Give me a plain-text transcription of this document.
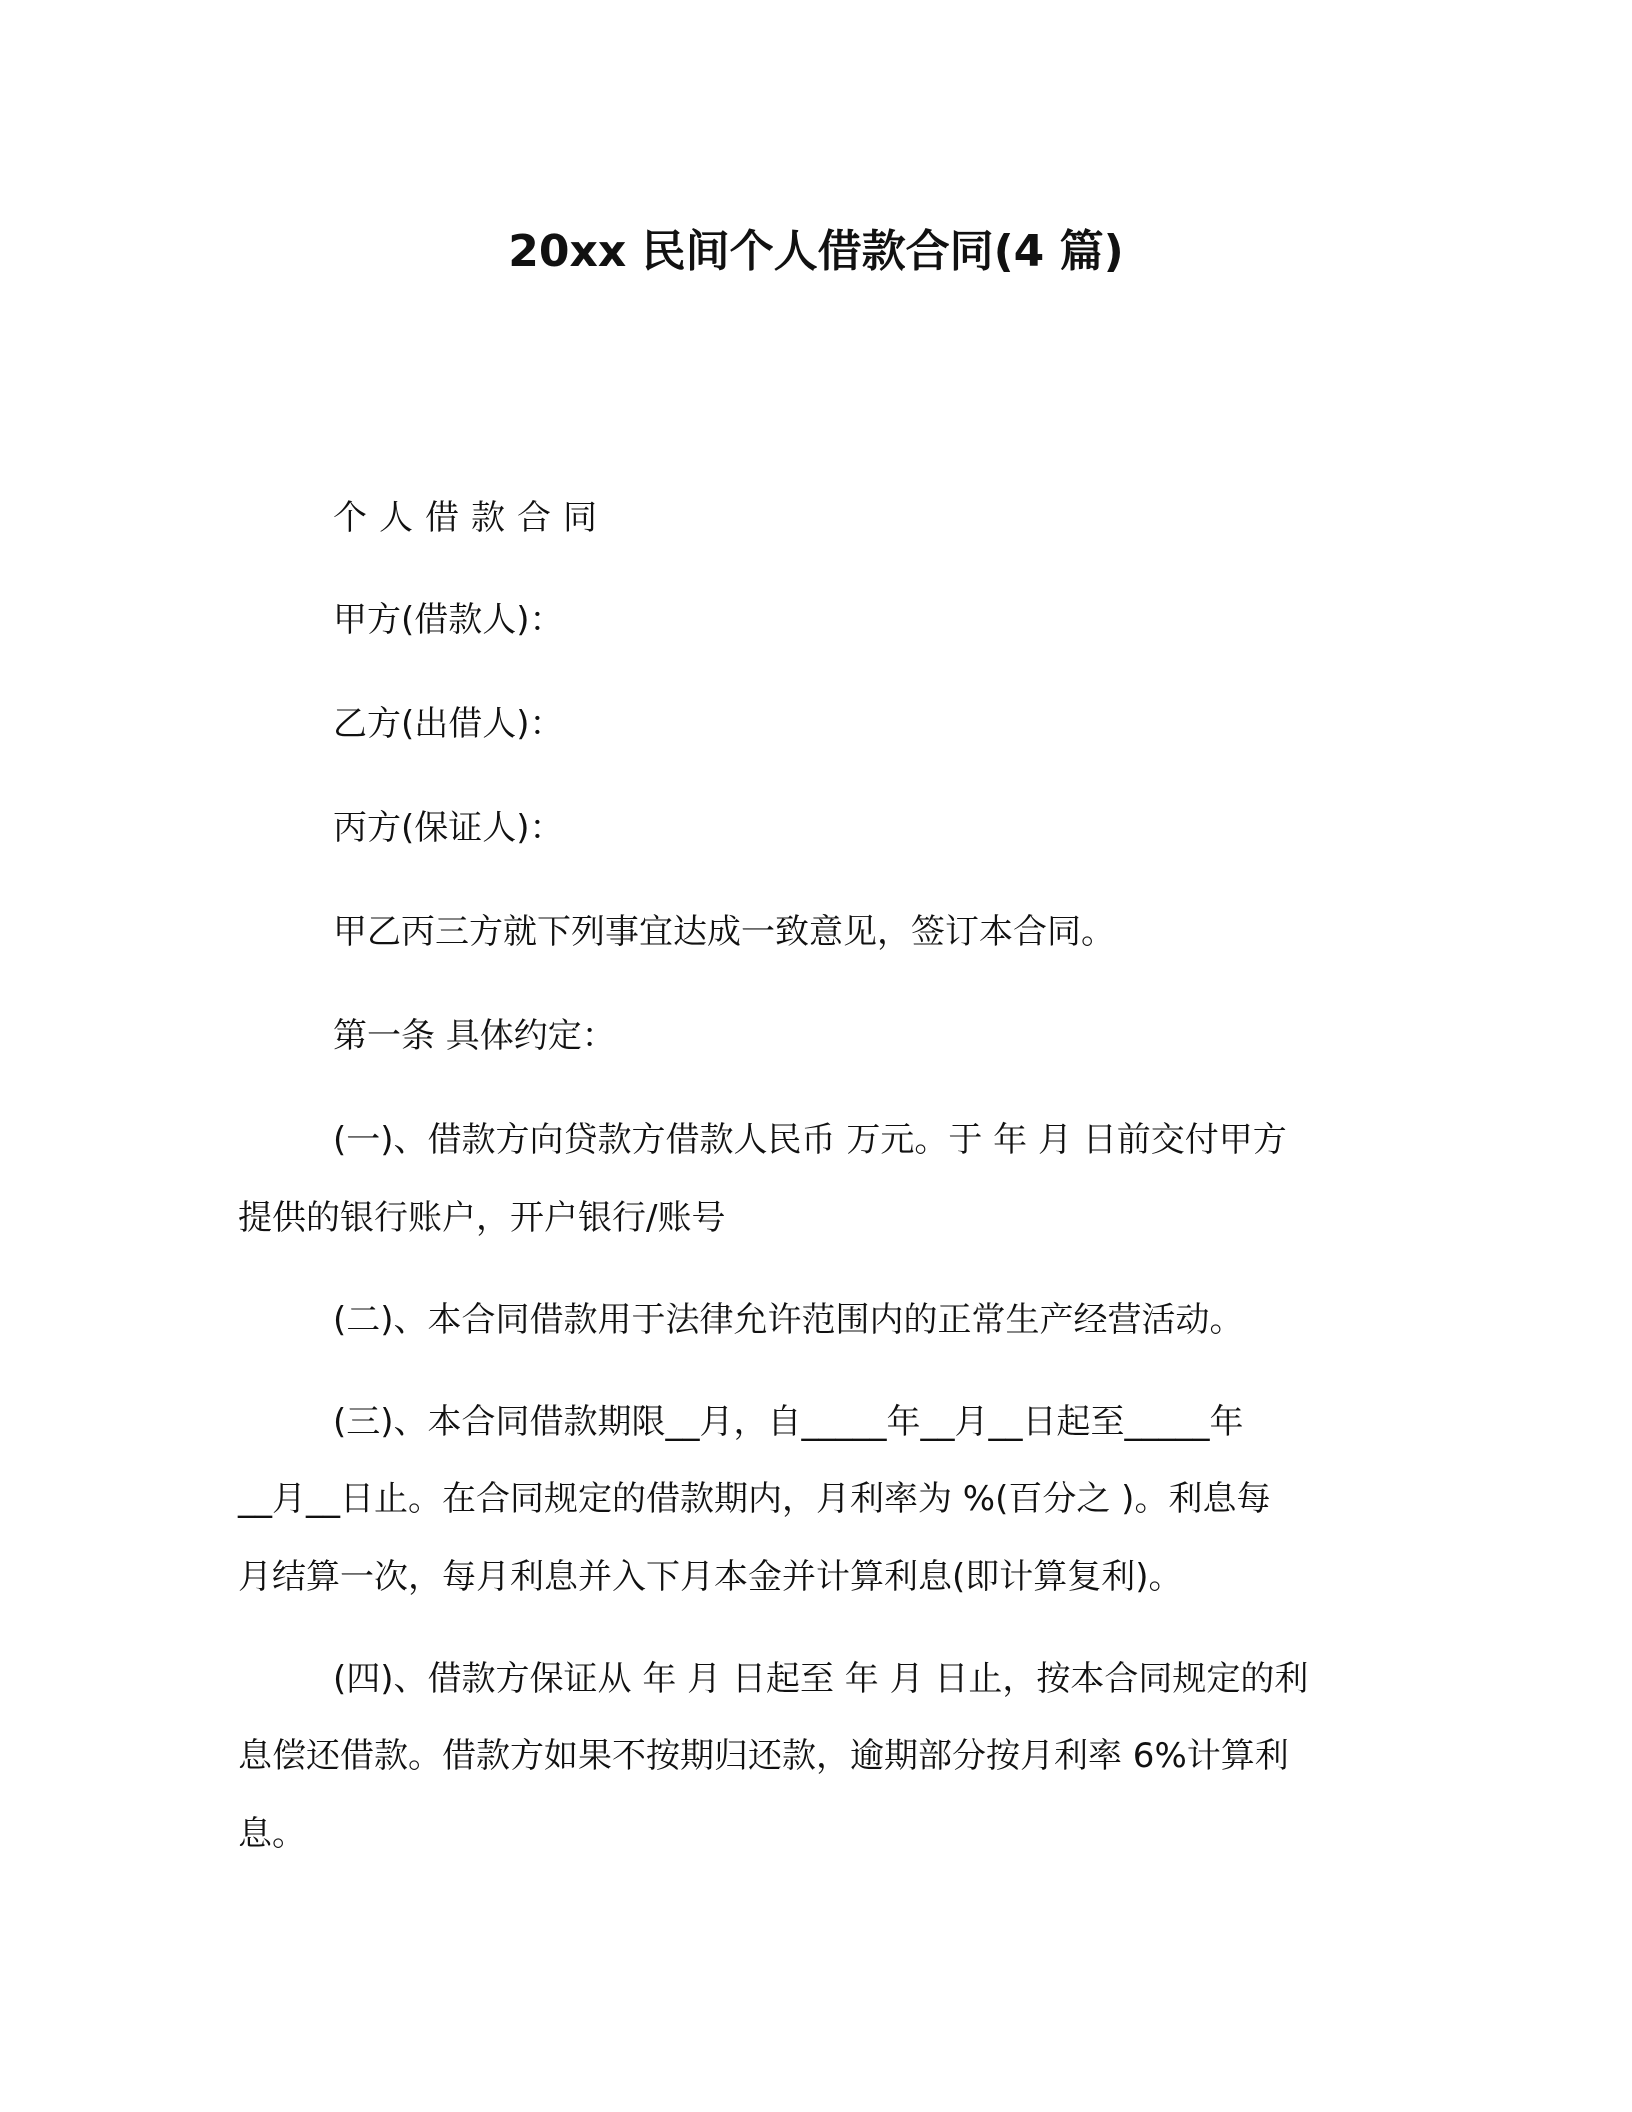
20xx 民间个人借款合同(4 篇)
个人借款合同
甲方(借款人)：
乙方(出借人)：
丙方(保证人)：
甲乙丙三方就下列事宜达成一致意见，签订本合同。
第一条 具体约定：
(一)、借款方向贷款方借款人民币 万元。于 年 月 日前交付甲方
提供的银行账户，开户银行/账号
(二)、本合同借款用于法律允许范围内的正常生产经营活动。
(三)、本合同借款期限__月，自_____年__月__日起至_____年
__月__日止。在合同规定的借款期内，月利率为 %(百分之 )。利息每
月结算一次，每月利息并入下月本金并计算利息(即计算复利)。
(四)、借款方保证从 年 月 日起至 年 月 日止，按本合同规定的利
息偿还借款。借款方如果不按期归还款，逾期部分按月利率 6%计算利
息。
